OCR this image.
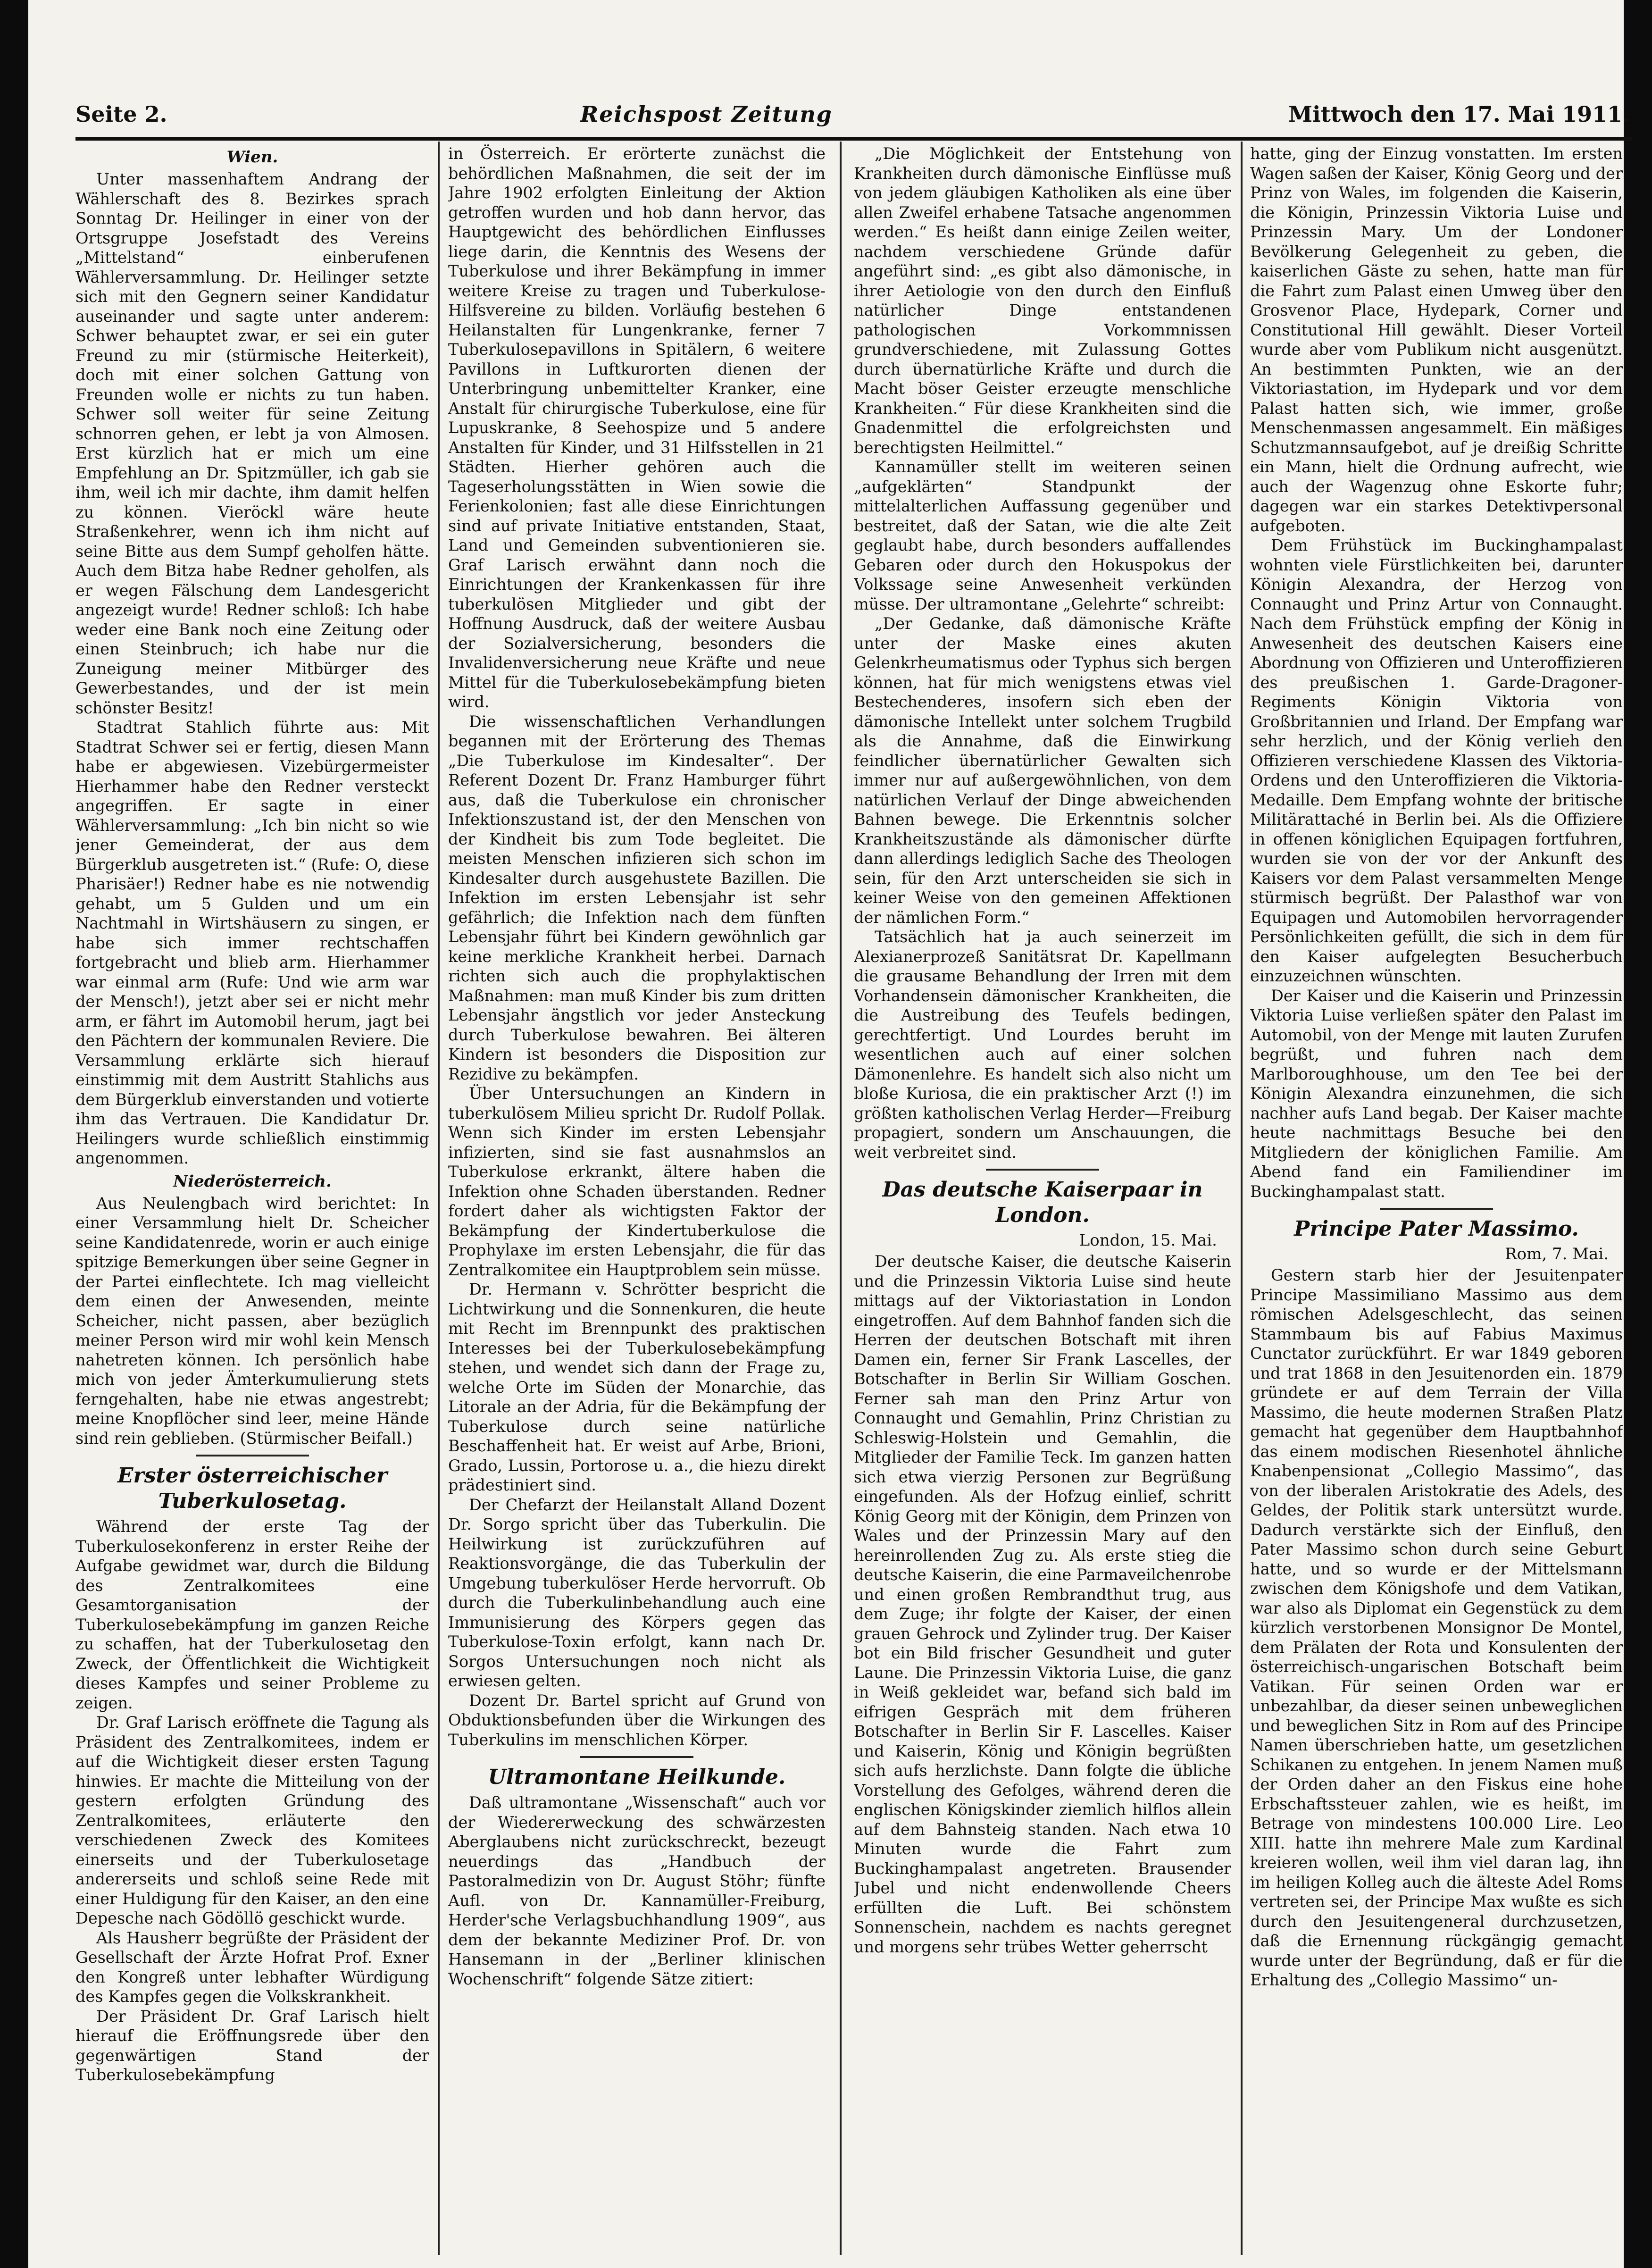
Seite 2.	Reichspost Zeitung	Mittwoch den 17. Mai 1911.
Wien.

Unter massenhaftem Andrang der Wählerschaft des 8. Bezirkes sprach Sonntag Dr. Heilinger in einer von der Ortsgruppe Josefstadt des Vereins „Mittelstand“ einberufenen Wählerversammlung. Dr. Heilinger setzte sich mit den Gegnern seiner Kandidatur auseinander und sagte unter anderem: Schwer behauptet zwar, er sei ein guter Freund zu mir (stürmische Heiterkeit), doch mit einer solchen Gattung von Freunden wolle er nichts zu tun haben. Schwer soll weiter für seine Zeitung schnorren gehen, er lebt ja von Almosen. Erst kürzlich hat er mich um eine Empfehlung an Dr. Spitzmüller, ich gab sie ihm, weil ich mir dachte, ihm damit helfen zu können. Vieröckl wäre heute Straßenkehrer, wenn ich ihm nicht auf seine Bitte aus dem Sumpf geholfen hätte. Auch dem Bitza habe Redner geholfen, als er wegen Fälschung dem Landesgericht angezeigt wurde! Redner schloß: Ich habe weder eine Bank noch eine Zeitung oder einen Steinbruch; ich habe nur die Zuneigung meiner Mitbürger des Gewerbestandes, und der ist mein schönster Besitz!

Stadtrat Stahlich führte aus: Mit Stadtrat Schwer sei er fertig, diesen Mann habe er abgewiesen. Vizebürgermeister Hierhammer habe den Redner versteckt angegriffen. Er sagte in einer Wählerversammlung: „Ich bin nicht so wie jener Gemeinderat, der aus dem Bürgerklub ausgetreten ist.“ (Rufe: O, diese Pharisäer!) Redner habe es nie notwendig gehabt, um 5 Gulden und um ein Nachtmahl in Wirtshäusern zu singen, er habe sich immer rechtschaffen fortgebracht und blieb arm. Hierhammer war einmal arm (Rufe: Und wie arm war der Mensch!), jetzt aber sei er nicht mehr arm, er fährt im Automobil herum, jagt bei den Pächtern der kommunalen Reviere. Die Versammlung erklärte sich hierauf einstimmig mit dem Austritt Stahlichs aus dem Bürgerklub einverstanden und votierte ihm das Vertrauen. Die Kandidatur Dr. Heilingers wurde schließlich einstimmig angenommen.

Niederösterreich.

Aus Neulengbach wird berichtet: In einer Versammlung hielt Dr. Scheicher seine Kandidatenrede, worin er auch einige spitzige Bemerkungen über seine Gegner in der Partei einflechtete. Ich mag vielleicht dem einen der Anwesenden, meinte Scheicher, nicht passen, aber bezüglich meiner Person wird mir wohl kein Mensch nahetreten können. Ich persönlich habe mich von jeder Ämterkumulierung stets ferngehalten, habe nie etwas angestrebt; meine Knopflöcher sind leer, meine Hände sind rein geblieben. (Stürmischer Beifall.)

Erster österreichischer Tuberkulosetag.

Während der erste Tag der Tuberkulosekonferenz in erster Reihe der Aufgabe gewidmet war, durch die Bildung des Zentralkomitees eine Gesamtorganisation der Tuberkulosebekämpfung im ganzen Reiche zu schaffen, hat der Tuberkulosetag den Zweck, der Öffentlichkeit die Wichtigkeit dieses Kampfes und seiner Probleme zu zeigen.

Dr. Graf Larisch eröffnete die Tagung als Präsident des Zentralkomitees, indem er auf die Wichtigkeit dieser ersten Tagung hinwies. Er machte die Mitteilung von der gestern erfolgten Gründung des Zentralkomitees, erläuterte den verschiedenen Zweck des Komitees einerseits und der Tuberkulosetage andererseits und schloß seine Rede mit einer Huldigung für den Kaiser, an den eine Depesche nach Gödöllö geschickt wurde.

Als Hausherr begrüßte der Präsident der Gesellschaft der Ärzte Hofrat Prof. Exner den Kongreß unter lebhafter Würdigung des Kampfes gegen die Volkskrankheit.

Der Präsident Dr. Graf Larisch hielt hierauf die Eröffnungsrede über den gegenwärtigen Stand der Tuberkulosebekämpfung

in Österreich. Er erörterte zunächst die behördlichen Maßnahmen, die seit der im Jahre 1902 erfolgten Einleitung der Aktion getroffen wurden und hob dann hervor, das Hauptgewicht des behördlichen Einflusses liege darin, die Kenntnis des Wesens der Tuberkulose und ihrer Bekämpfung in immer weitere Kreise zu tragen und Tuberkulose-Hilfsvereine zu bilden. Vorläufig bestehen 6 Heilanstalten für Lungenkranke, ferner 7 Tuberkulosepavillons in Spitälern, 6 weitere Pavillons in Luftkurorten dienen der Unterbringung unbemittelter Kranker, eine Anstalt für chirurgische Tuberkulose, eine für Lupuskranke, 8 Seehospize und 5 andere Anstalten für Kinder, und 31 Hilfsstellen in 21 Städten. Hierher gehören auch die Tageserholungsstätten in Wien sowie die Ferienkolonien; fast alle diese Einrichtungen sind auf private Initiative entstanden, Staat, Land und Gemeinden subventionieren sie. Graf Larisch erwähnt dann noch die Einrichtungen der Krankenkassen für ihre tuberkulösen Mitglieder und gibt der Hoffnung Ausdruck, daß der weitere Ausbau der Sozialversicherung, besonders die Invalidenversicherung neue Kräfte und neue Mittel für die Tuberkulosebekämpfung bieten wird.

Die wissenschaftlichen Verhandlungen begannen mit der Erörterung des Themas „Die Tuberkulose im Kindesalter“. Der Referent Dozent Dr. Franz Hamburger führt aus, daß die Tuberkulose ein chronischer Infektionszustand ist, der den Menschen von der Kindheit bis zum Tode begleitet. Die meisten Menschen infizieren sich schon im Kindesalter durch ausgehustete Bazillen. Die Infektion im ersten Lebensjahr ist sehr gefährlich; die Infektion nach dem fünften Lebensjahr führt bei Kindern gewöhnlich gar keine merkliche Krankheit herbei. Darnach richten sich auch die prophylaktischen Maßnahmen: man muß Kinder bis zum dritten Lebensjahr ängstlich vor jeder Ansteckung durch Tuberkulose bewahren. Bei älteren Kindern ist besonders die Disposition zur Rezidive zu bekämpfen.

Über Untersuchungen an Kindern in tuberkulösem Milieu spricht Dr. Rudolf Pollak. Wenn sich Kinder im ersten Lebensjahr infizierten, sind sie fast ausnahmslos an Tuberkulose erkrankt, ältere haben die Infektion ohne Schaden überstanden. Redner fordert daher als wichtigsten Faktor der Bekämpfung der Kindertuberkulose die Prophylaxe im ersten Lebensjahr, die für das Zentralkomitee ein Hauptproblem sein müsse.

Dr. Hermann v. Schrötter bespricht die Lichtwirkung und die Sonnenkuren, die heute mit Recht im Brennpunkt des praktischen Interesses bei der Tuberkulosebekämpfung stehen, und wendet sich dann der Frage zu, welche Orte im Süden der Monarchie, das Litorale an der Adria, für die Bekämpfung der Tuberkulose durch seine natürliche Beschaffenheit hat. Er weist auf Arbe, Brioni, Grado, Lussin, Portorose u. a., die hiezu direkt prädestiniert sind.

Der Chefarzt der Heilanstalt Alland Dozent Dr. Sorgo spricht über das Tuberkulin. Die Heilwirkung ist zurückzuführen auf Reaktionsvorgänge, die das Tuberkulin der Umgebung tuberkulöser Herde hervorruft. Ob durch die Tuberkulinbehandlung auch eine Immunisierung des Körpers gegen das Tuberkulose-Toxin erfolgt, kann nach Dr. Sorgos Untersuchungen noch nicht als erwiesen gelten.

Dozent Dr. Bartel spricht auf Grund von Obduktionsbefunden über die Wirkungen des Tuberkulins im menschlichen Körper.

Ultramontane Heilkunde.

Daß ultramontane „Wissenschaft“ auch vor der Wiedererweckung des schwärzesten Aberglaubens nicht zurückschreckt, bezeugt neuerdings das „Handbuch der Pastoralmedizin von Dr. August Stöhr; fünfte Aufl. von Dr. Kannamüller-Freiburg, Herder'sche Verlagsbuchhandlung 1909“, aus dem der bekannte Mediziner Prof. Dr. von Hansemann in der „Berliner klinischen Wochenschrift“ folgende Sätze zitiert:

„Die Möglichkeit der Entstehung von Krankheiten durch dämonische Einflüsse muß von jedem gläubigen Katholiken als eine über allen Zweifel erhabene Tatsache angenommen werden.“ Es heißt dann einige Zeilen weiter, nachdem verschiedene Gründe dafür angeführt sind: „es gibt also dämonische, in ihrer Aetiologie von den durch den Einfluß natürlicher Dinge entstandenen pathologischen Vorkommnissen grundverschiedene, mit Zulassung Gottes durch übernatürliche Kräfte und durch die Macht böser Geister erzeugte menschliche Krankheiten.“ Für diese Krankheiten sind die Gnadenmittel die erfolgreichsten und berechtigsten Heilmittel.“

Kannamüller stellt im weiteren seinen „aufgeklärten“ Standpunkt der mittelalterlichen Auffassung gegenüber und bestreitet, daß der Satan, wie die alte Zeit geglaubt habe, durch besonders auffallendes Gebaren oder durch den Hokuspokus der Volkssage seine Anwesenheit verkünden müsse. Der ultramontane „Gelehrte“ schreibt:

„Der Gedanke, daß dämonische Kräfte unter der Maske eines akuten Gelenkrheumatismus oder Typhus sich bergen können, hat für mich wenigstens etwas viel Bestechenderes, insofern sich eben der dämonische Intellekt unter solchem Trugbild als die Annahme, daß die Einwirkung feindlicher übernatürlicher Gewalten sich immer nur auf außergewöhnlichen, von dem natürlichen Verlauf der Dinge abweichenden Bahnen bewege. Die Erkenntnis solcher Krankheitszustände als dämonischer dürfte dann allerdings lediglich Sache des Theologen sein, für den Arzt unterscheiden sie sich in keiner Weise von den gemeinen Affektionen der nämlichen Form.“

Tatsächlich hat ja auch seinerzeit im Alexianerprozeß Sanitätsrat Dr. Kapellmann die grausame Behandlung der Irren mit dem Vorhandensein dämonischer Krankheiten, die die Austreibung des Teufels bedingen, gerechtfertigt. Und Lourdes beruht im wesentlichen auch auf einer solchen Dämonenlehre. Es handelt sich also nicht um bloße Kuriosa, die ein praktischer Arzt (!) im größten katholischen Verlag Herder—Freiburg propagiert, sondern um Anschauungen, die weit verbreitet sind.

Das deutsche Kaiserpaar in London.
London, 15. Mai.

Der deutsche Kaiser, die deutsche Kaiserin und die Prinzessin Viktoria Luise sind heute mittags auf der Viktoriastation in London eingetroffen. Auf dem Bahnhof fanden sich die Herren der deutschen Botschaft mit ihren Damen ein, ferner Sir Frank Lascelles, der Botschafter in Berlin Sir William Goschen. Ferner sah man den Prinz Artur von Connaught und Gemahlin, Prinz Christian zu Schleswig-Holstein und Gemahlin, die Mitglieder der Familie Teck. Im ganzen hatten sich etwa vierzig Personen zur Begrüßung eingefunden. Als der Hofzug einlief, schritt König Georg mit der Königin, dem Prinzen von Wales und der Prinzessin Mary auf den hereinrollenden Zug zu. Als erste stieg die deutsche Kaiserin, die eine Parmaveilchenrobe und einen großen Rembrandthut trug, aus dem Zuge; ihr folgte der Kaiser, der einen grauen Gehrock und Zylinder trug. Der Kaiser bot ein Bild frischer Gesundheit und guter Laune. Die Prinzessin Viktoria Luise, die ganz in Weiß gekleidet war, befand sich bald im eifrigen Gespräch mit dem früheren Botschafter in Berlin Sir F. Lascelles. Kaiser und Kaiserin, König und Königin begrüßten sich aufs herzlichste. Dann folgte die übliche Vorstellung des Gefolges, während deren die englischen Königskinder ziemlich hilflos allein auf dem Bahnsteig standen. Nach etwa 10 Minuten wurde die Fahrt zum Buckinghampalast angetreten. Brausender Jubel und nicht endenwollende Cheers erfüllten die Luft. Bei schönstem Sonnenschein, nachdem es nachts geregnet und morgens sehr trübes Wetter geherrscht

hatte, ging der Einzug vonstatten. Im ersten Wagen saßen der Kaiser, König Georg und der Prinz von Wales, im folgenden die Kaiserin, die Königin, Prinzessin Viktoria Luise und Prinzessin Mary. Um der Londoner Bevölkerung Gelegenheit zu geben, die kaiserlichen Gäste zu sehen, hatte man für die Fahrt zum Palast einen Umweg über den Grosvenor Place, Hydepark, Corner und Constitutional Hill gewählt. Dieser Vorteil wurde aber vom Publikum nicht ausgenützt. An bestimmten Punkten, wie an der Viktoriastation, im Hydepark und vor dem Palast hatten sich, wie immer, große Menschenmassen angesammelt. Ein mäßiges Schutzmannsaufgebot, auf je dreißig Schritte ein Mann, hielt die Ordnung aufrecht, wie auch der Wagenzug ohne Eskorte fuhr; dagegen war ein starkes Detektivpersonal aufgeboten.

Dem Frühstück im Buckinghampalast wohnten viele Fürstlichkeiten bei, darunter Königin Alexandra, der Herzog von Connaught und Prinz Artur von Connaught. Nach dem Frühstück empfing der König in Anwesenheit des deutschen Kaisers eine Abordnung von Offizieren und Unteroffizieren des preußischen 1. Garde-Dragoner-Regiments Königin Viktoria von Großbritannien und Irland. Der Empfang war sehr herzlich, und der König verlieh den Offizieren verschiedene Klassen des Viktoria-Ordens und den Unteroffizieren die Viktoria-Medaille. Dem Empfang wohnte der britische Militärattaché in Berlin bei. Als die Offiziere in offenen königlichen Equipagen fortfuhren, wurden sie von der vor der Ankunft des Kaisers vor dem Palast versammelten Menge stürmisch begrüßt. Der Palasthof war von Equipagen und Automobilen hervorragender Persönlichkeiten gefüllt, die sich in dem für den Kaiser aufgelegten Besucherbuch einzuzeichnen wünschten.

Der Kaiser und die Kaiserin und Prinzessin Viktoria Luise verließen später den Palast im Automobil, von der Menge mit lauten Zurufen begrüßt, und fuhren nach dem Marlboroughhouse, um den Tee bei der Königin Alexandra einzunehmen, die sich nachher aufs Land begab. Der Kaiser machte heute nachmittags Besuche bei den Mitgliedern der königlichen Familie. Am Abend fand ein Familiendiner im Buckinghampalast statt.

Principe Pater Massimo.
Rom, 7. Mai.

Gestern starb hier der Jesuitenpater Principe Massimiliano Massimo aus dem römischen Adelsgeschlecht, das seinen Stammbaum bis auf Fabius Maximus Cunctator zurückführt. Er war 1849 geboren und trat 1868 in den Jesuitenorden ein. 1879 gründete er auf dem Terrain der Villa Massimo, die heute modernen Straßen Platz gemacht hat gegenüber dem Hauptbahnhof das einem modischen Riesenhotel ähnliche Knabenpensionat „Collegio Massimo“, das von der liberalen Aristokratie des Adels, des Geldes, der Politik stark untersützt wurde. Dadurch verstärkte sich der Einfluß, den Pater Massimo schon durch seine Geburt hatte, und so wurde er der Mittelsmann zwischen dem Königshofe und dem Vatikan, war also als Diplomat ein Gegenstück zu dem kürzlich verstorbenen Monsignor De Montel, dem Prälaten der Rota und Konsulenten der österreichisch-ungarischen Botschaft beim Vatikan. Für seinen Orden war er unbezahlbar, da dieser seinen unbeweglichen und beweglichen Sitz in Rom auf des Principe Namen überschrieben hatte, um gesetzlichen Schikanen zu entgehen. In jenem Namen muß der Orden daher an den Fiskus eine hohe Erbschaftssteuer zahlen, wie es heißt, im Betrage von mindestens 100.000 Lire. Leo XIII. hatte ihn mehrere Male zum Kardinal kreieren wollen, weil ihm viel daran lag, ihn im heiligen Kolleg auch die älteste Adel Roms vertreten sei, der Principe Max wußte es sich durch den Jesuitengeneral durchzusetzen, daß die Ernennung rückgängig gemacht wurde unter der Begründung, daß er für die Erhaltung des „Collegio Massimo“ un-
